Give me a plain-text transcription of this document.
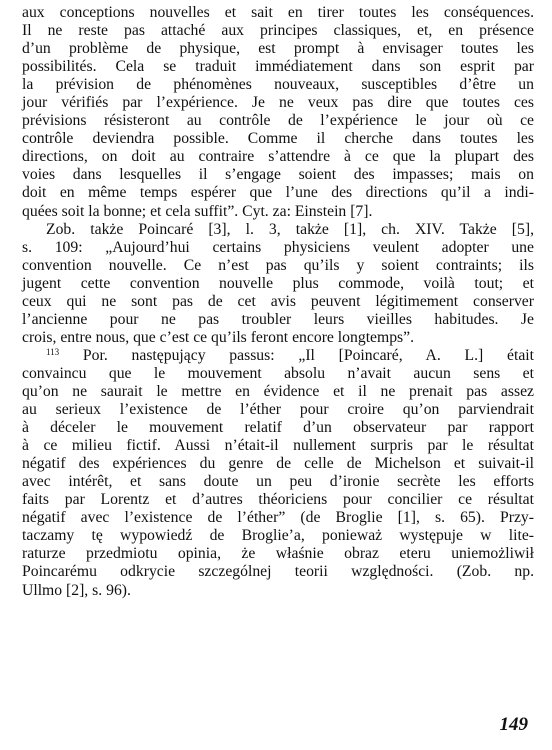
aux conceptions nouvelles et sait en tirer toutes les conséquences.
Il ne reste pas attaché aux principes classiques, et, en présence
d’un problème de physique, est prompt à envisager toutes les
possibilités. Cela se traduit immédiatement dans son esprit par
la prévision de phénomènes nouveaux, susceptibles d’être un
jour vérifiés par l’expérience. Je ne veux pas dire que toutes ces
prévisions résisteront au contrôle de l’expérience le jour où ce
contrôle deviendra possible. Comme il cherche dans toutes les
directions, on doit au contraire s’attendre à ce que la plupart des
voies dans lesquelles il s’engage soient des impasses; mais on
doit en même temps espérer que l’une des directions qu’il a indi-
quées soit la bonne; et cela suffit”. Cyt. za: Einstein [7].
Zob. także Poincaré [3], l. 3, także [1], ch. XIV. Także [5],
s. 109: „Aujourd’hui certains physiciens veulent adopter une
convention nouvelle. Ce n’est pas qu’ils y soient contraints; ils
jugent cette convention nouvelle plus commode, voilà tout; et
ceux qui ne sont pas de cet avis peuvent légitimement conserver
l’ancienne pour ne pas troubler leurs vieilles habitudes. Je
crois, entre nous, que c’est ce qu’ils feront encore longtemps”.
$^{113}$ Por. następujący passus: „Il [Poincaré, A. L.] était
convaincu que le mouvement absolu n’avait aucun sens et
qu’on ne saurait le mettre en évidence et il ne prenait pas assez
au serieux l’existence de l’éther pour croire qu’on parviendrait
à déceler le mouvement relatif d’un observateur par rapport
à ce milieu fictif. Aussi n’était-il nullement surpris par le résultat
négatif des expériences du genre de celle de Michelson et suivait-il
avec intérêt, et sans doute un peu d’ironie secrète les efforts
faits par Lorentz et d’autres théoriciens pour concilier ce résultat
négatif avec l’existence de l’éther” (de Broglie [1], s. 65). Przy-
taczamy tę wypowiedź de Broglie’a, ponieważ występuje w lite-
raturze przedmiotu opinia, że właśnie obraz eteru uniemożliwił
Poincarému odkrycie szczególnej teorii względności. (Zob. np.
Ullmo [2], s. 96).
149
